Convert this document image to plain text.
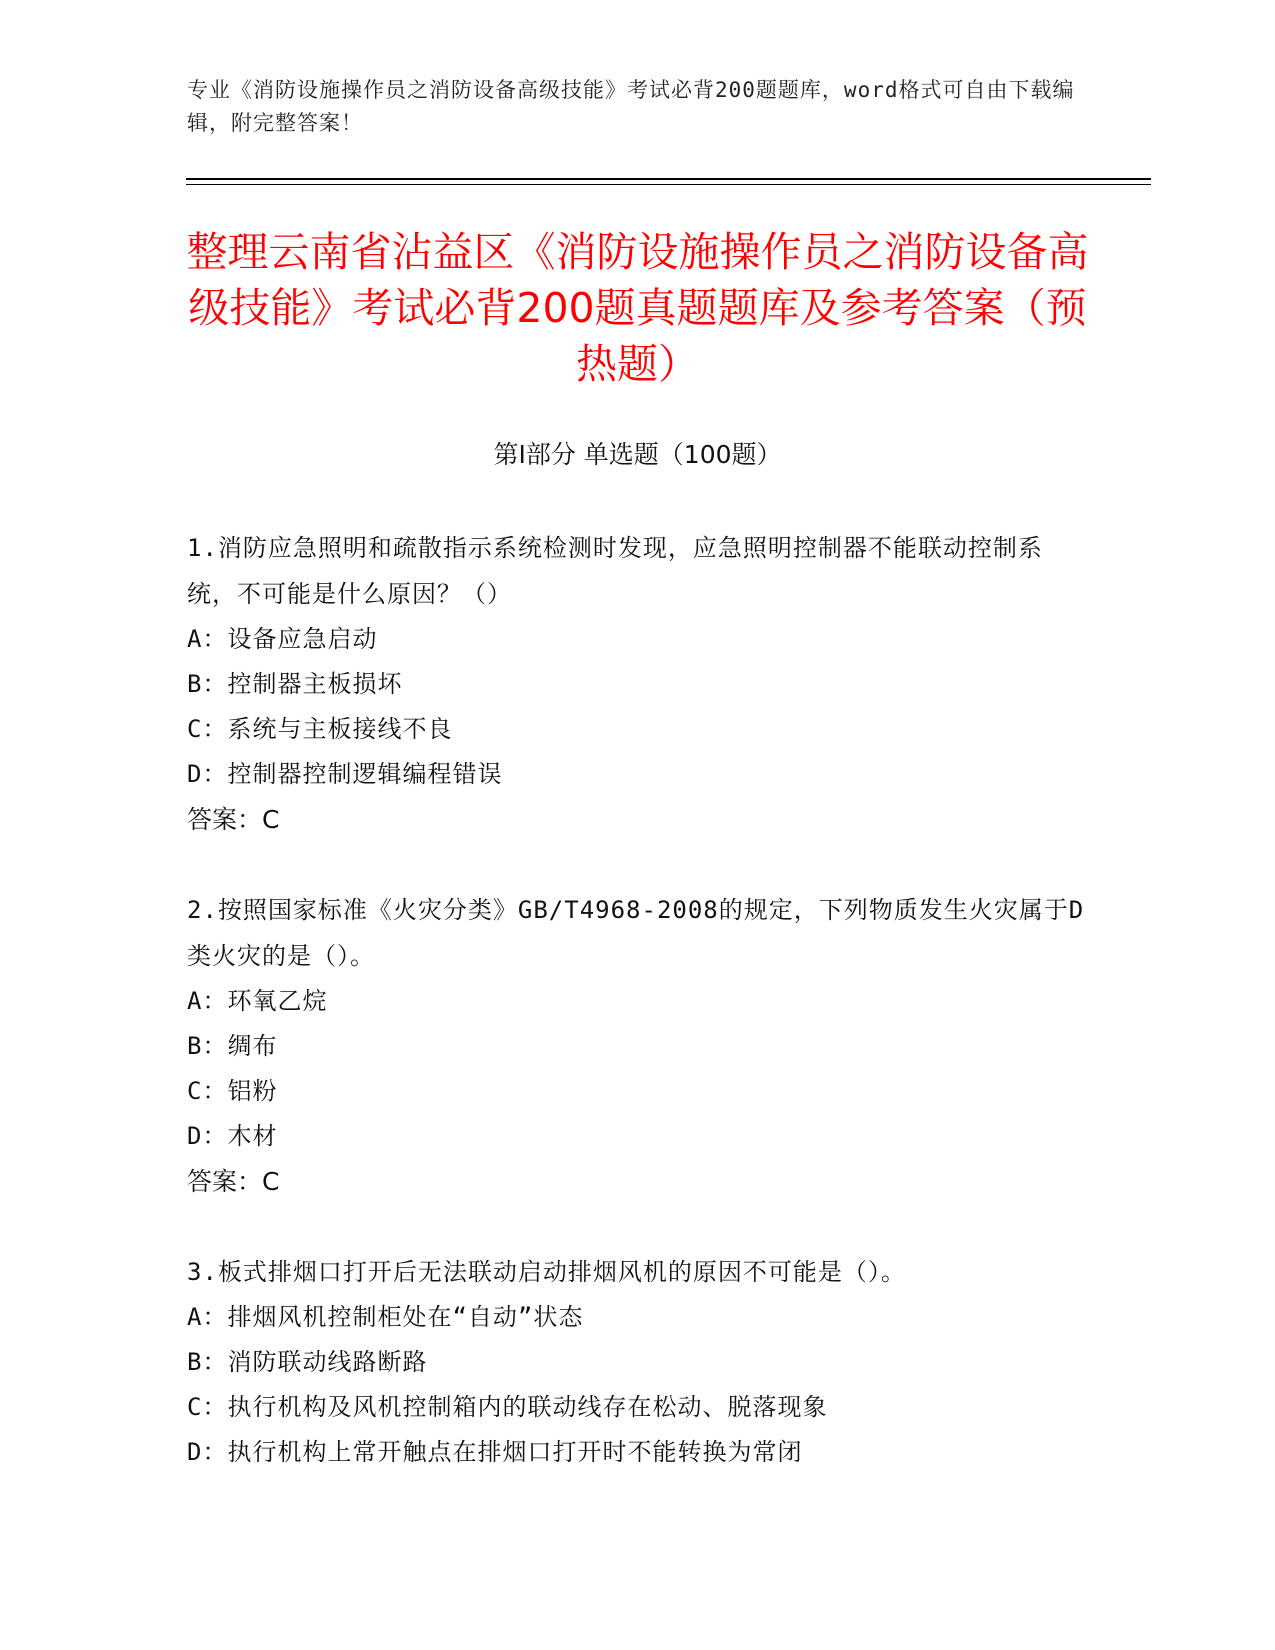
专业《消防设施操作员之消防设备高级技能》考试必背200题题库，word格式可自由下载编辑，附完整答案！
整理云南省沾益区《消防设施操作员之消防设备高级技能》考试必背200题真题题库及参考答案（预热题）
第Ⅰ部分 单选题（100题）

1.消防应急照明和疏散指示系统检测时发现，应急照明控制器不能联动控制系统，不可能是什么原因？（）

A：设备应急启动

B：控制器主板损坏

C：系统与主板接线不良

D：控制器控制逻辑编程错误

答案：C

2.按照国家标准《火灾分类》GB/T4968-2008的规定，下列物质发生火灾属于D类火灾的是（）。

A：环氧乙烷

B：绸布

C：铝粉

D：木材

答案：C

3.板式排烟口打开后无法联动启动排烟风机的原因不可能是（）。

A：排烟风机控制柜处在“自动”状态

B：消防联动线路断路

C：执行机构及风机控制箱内的联动线存在松动、脱落现象

D：执行机构上常开触点在排烟口打开时不能转换为常闭
